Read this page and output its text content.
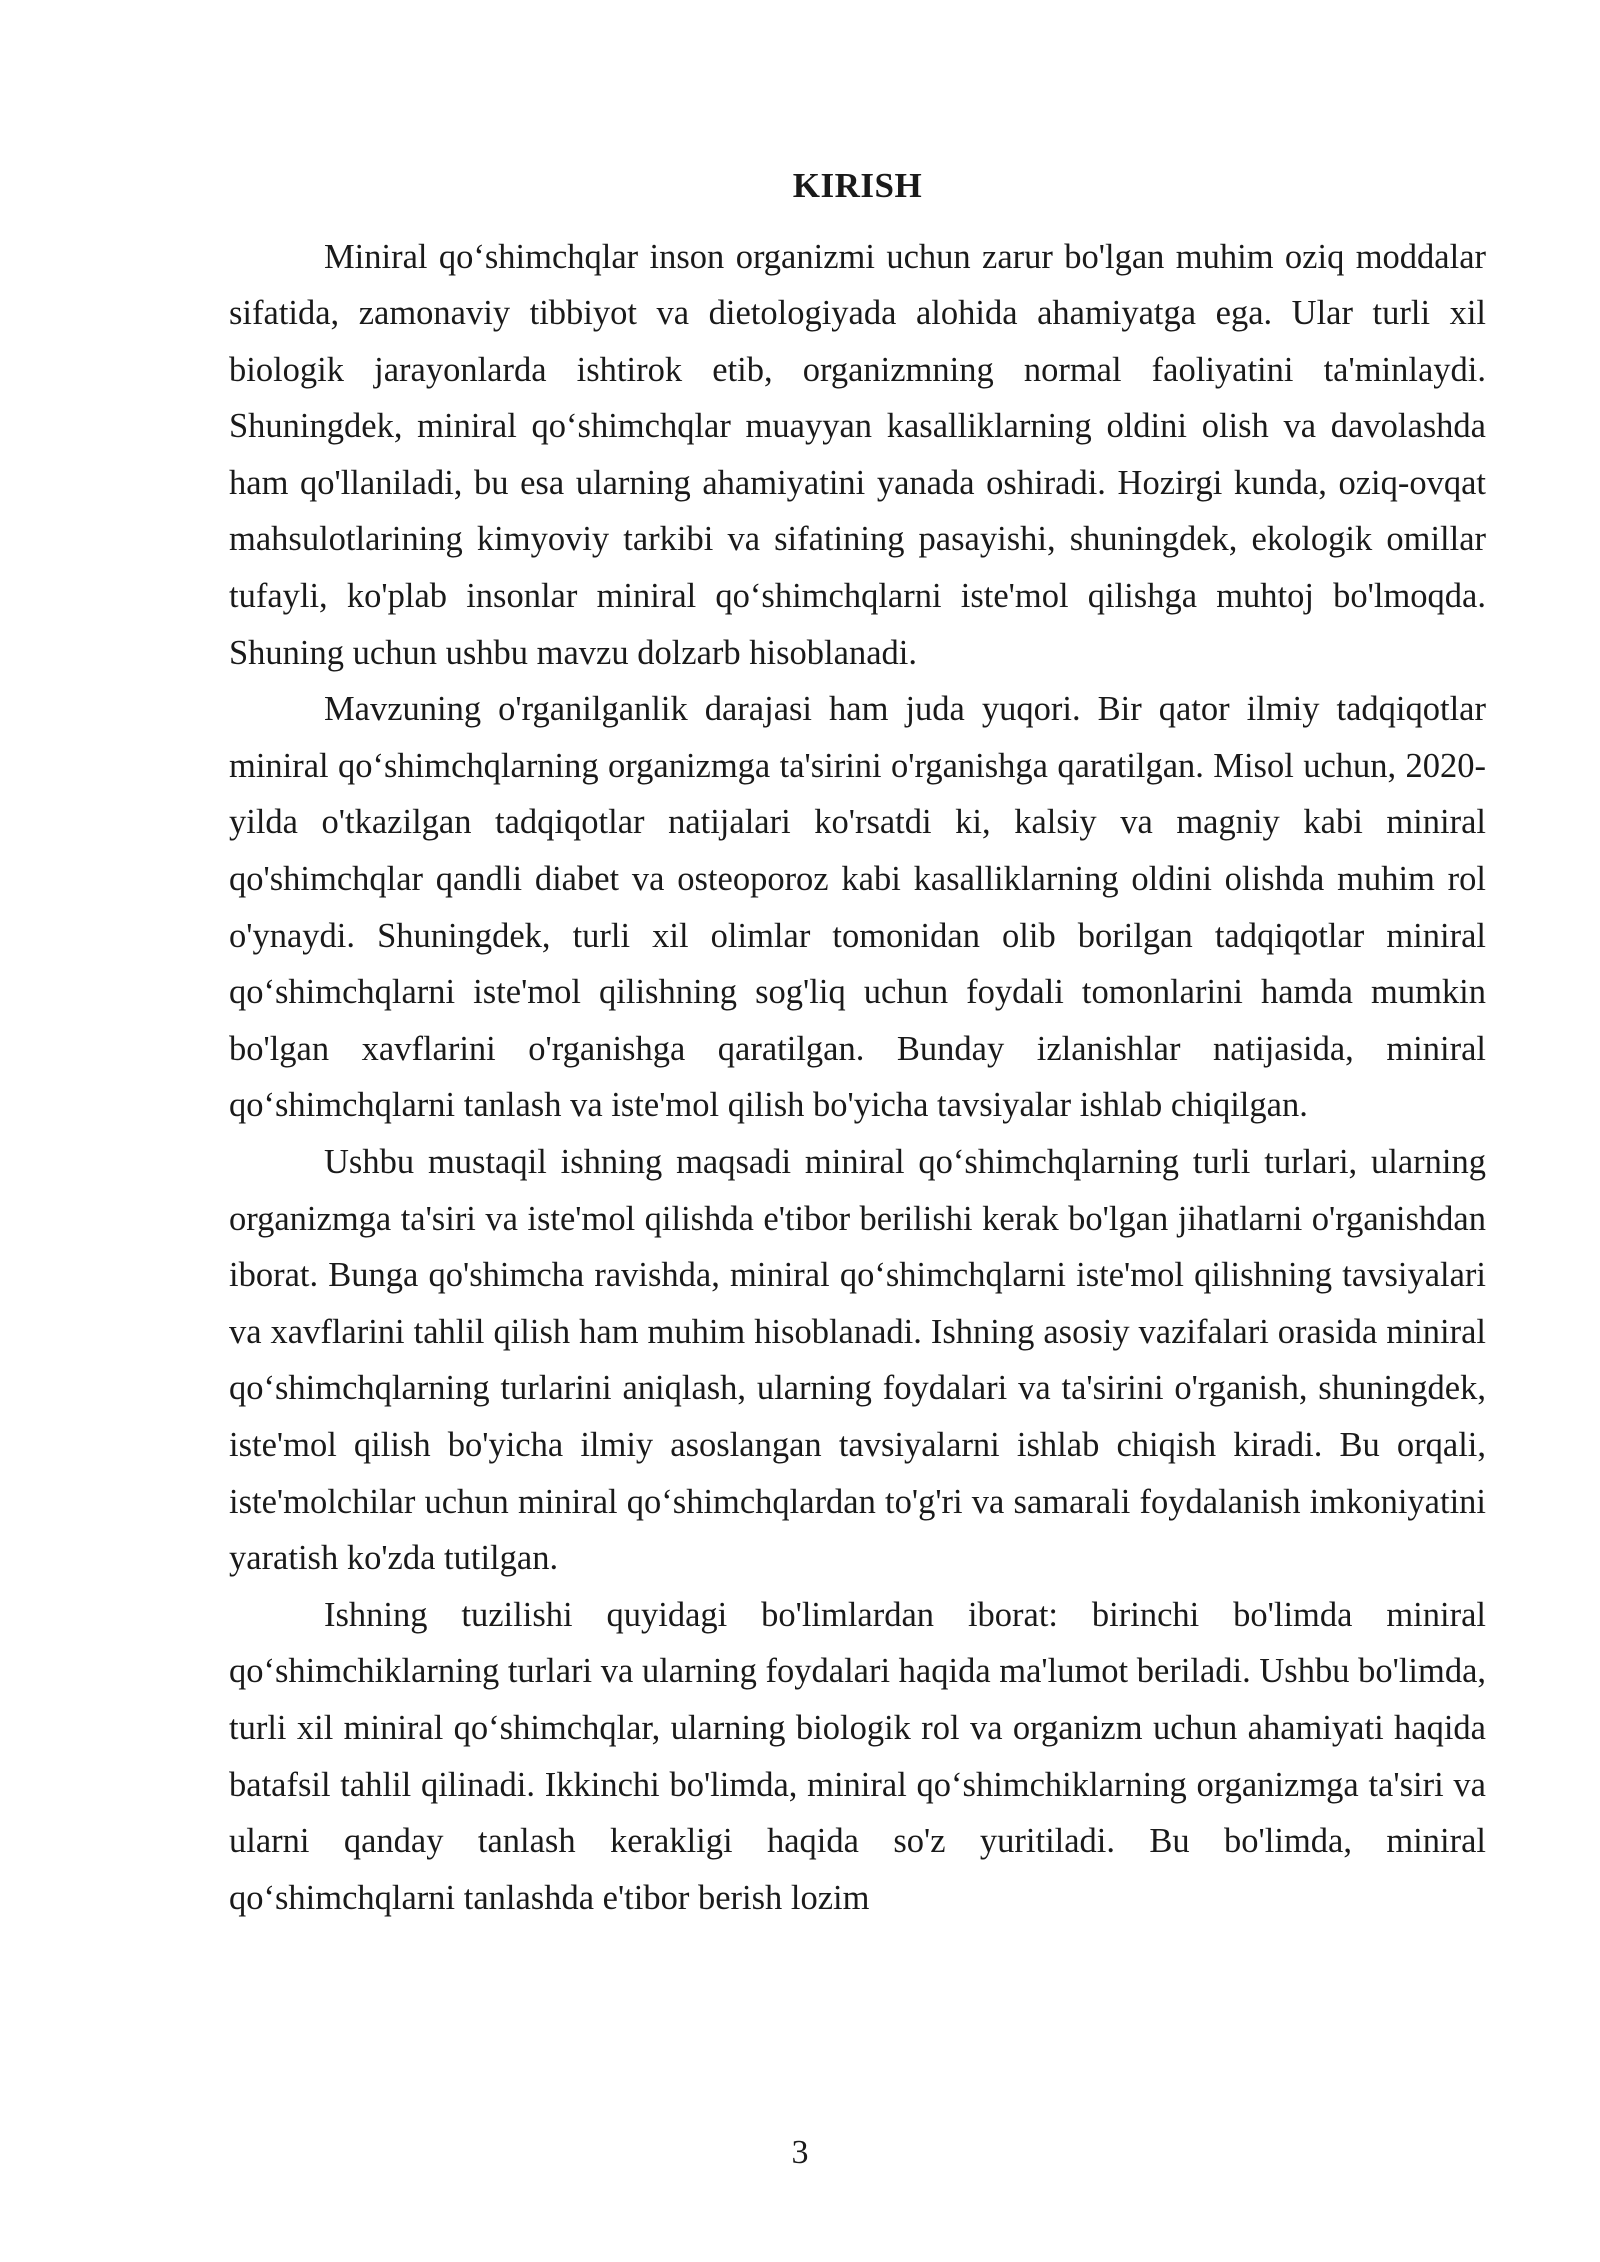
KIRISH

Miniral qo‘shimchqlar inson organizmi uchun zarur bo'lgan muhim oziq moddalar sifatida, zamonaviy tibbiyot va dietologiyada alohida ahamiyatga ega. Ular turli xil biologik jarayonlarda ishtirok etib, organizmning normal faoliyatini ta'minlaydi. Shuningdek, miniral qo‘shimchqlar muayyan kasalliklarning oldini olish va davolashda ham qo'llaniladi, bu esa ularning ahamiyatini yanada oshiradi. Hozirgi kunda, oziq-ovqat mahsulotlarining kimyoviy tarkibi va sifatining pasayishi, shuningdek, ekologik omillar tufayli, ko'plab insonlar miniral qo‘shimchqlarni iste'mol qilishga muhtoj bo'lmoqda. Shuning uchun ushbu mavzu dolzarb hisoblanadi.

Mavzuning o'rganilganlik darajasi ham juda yuqori. Bir qator ilmiy tadqiqotlar miniral qo‘shimchqlarning organizmga ta'sirini o'rganishga qaratilgan. Misol uchun, 2020-yilda o'tkazilgan tadqiqotlar natijalari ko'rsatdi ki, kalsiy va magniy kabi miniral qo'shimchqlar qandli diabet va osteoporoz kabi kasalliklarning oldini olishda muhim rol o'ynaydi. Shuningdek, turli xil olimlar tomonidan olib borilgan tadqiqotlar miniral qo‘shimchqlarni iste'mol qilishning sog'liq uchun foydali tomonlarini hamda mumkin bo'lgan xavflarini o'rganishga qaratilgan. Bunday izlanishlar natijasida, miniral qo‘shimchqlarni tanlash va iste'mol qilish bo'yicha tavsiyalar ishlab chiqilgan.

Ushbu mustaqil ishning maqsadi miniral qo‘shimchqlarning turli turlari, ularning organizmga ta'siri va iste'mol qilishda e'tibor berilishi kerak bo'lgan jihatlarni o'rganishdan iborat. Bunga qo'shimcha ravishda, miniral qo‘shimchqlarni iste'mol qilishning tavsiyalari va xavflarini tahlil qilish ham muhim hisoblanadi. Ishning asosiy vazifalari orasida miniral qo‘shimchqlarning turlarini aniqlash, ularning foydalari va ta'sirini o'rganish, shuningdek, iste'mol qilish bo'yicha ilmiy asoslangan tavsiyalarni ishlab chiqish kiradi. Bu orqali, iste'molchilar uchun miniral qo‘shimchqlardan to'g'ri va samarali foydalanish imkoniyatini yaratish ko'zda tutilgan.

Ishning tuzilishi quyidagi bo'limlardan iborat: birinchi bo'limda miniral qo‘shimchiklarning turlari va ularning foydalari haqida ma'lumot beriladi. Ushbu bo'limda, turli xil miniral qo‘shimchqlar, ularning biologik rol va organizm uchun ahamiyati haqida batafsil tahlil qilinadi. Ikkinchi bo'limda, miniral qo‘shimchiklarning organizmga ta'siri va ularni qanday tanlash kerakligi haqida so'z yuritiladi. Bu bo'limda, miniral qo‘shimchqlarni tanlashda e'tibor berish lozim

3
